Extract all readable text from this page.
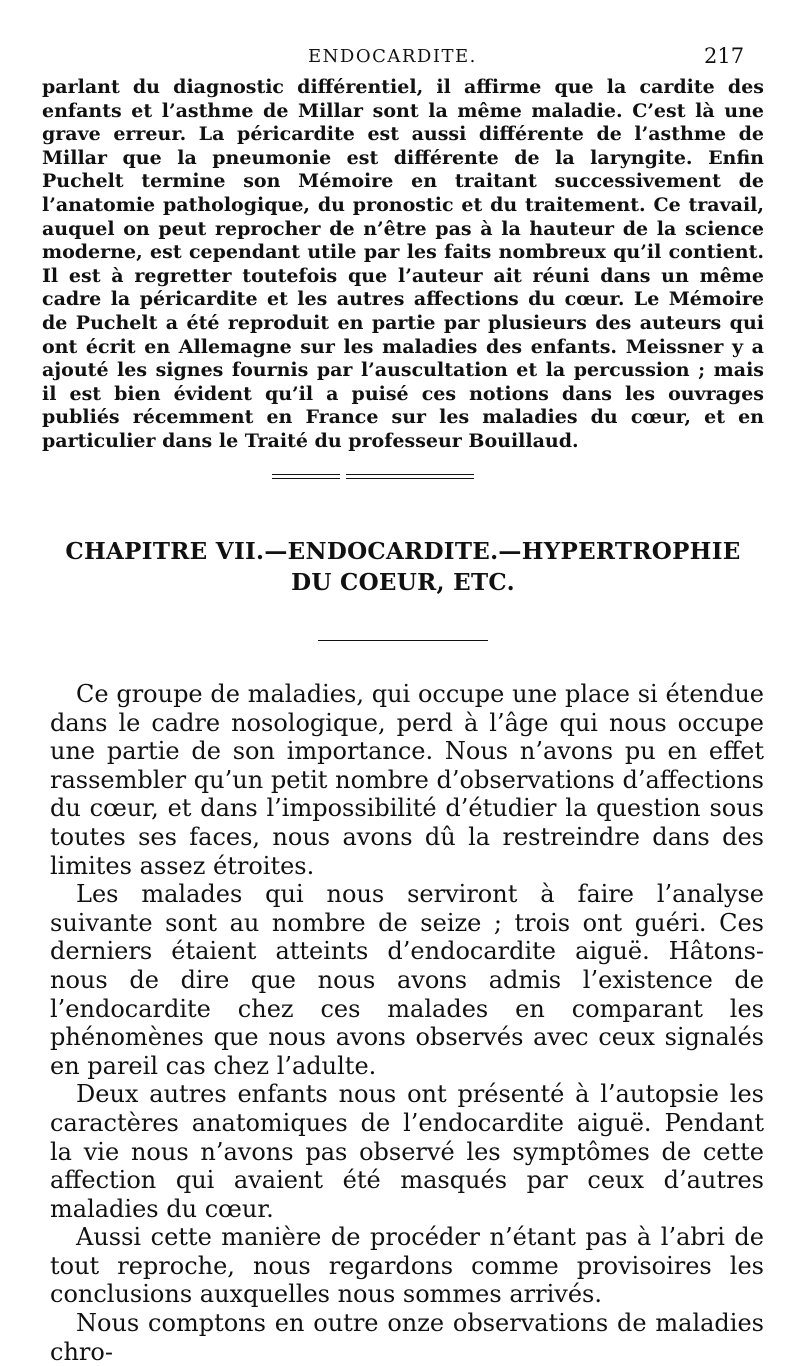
ENDOCARDITE.	217

parlant du diagnostic différentiel, il affirme que la cardite des enfants et l’asthme de Millar sont la même maladie. C’est là une grave erreur. La péricardite est aussi différente de l’asthme de Millar que la pneumonie est différente de la laryngite. Enfin Puchelt termine son Mémoire en traitant successivement de l’anatomie pathologique, du pronostic et du traitement. Ce travail, auquel on peut reprocher de n’être pas à la hauteur de la science moderne, est cependant utile par les faits nombreux qu’il contient. Il est à regretter toutefois que l’auteur ait réuni dans un même cadre la péricardite et les autres affections du cœur. Le Mémoire de Puchelt a été reproduit en partie par plusieurs des auteurs qui ont écrit en Allemagne sur les maladies des enfants. Meissner y a ajouté les signes fournis par l’auscultation et la percussion ; mais il est bien évident qu’il a puisé ces notions dans les ouvrages publiés récemment en France sur les maladies du cœur, et en particulier dans le Traité du professeur Bouillaud.

CHAPITRE VII.—ENDOCARDITE.—HYPERTROPHIE DU COEUR, ETC.

Ce groupe de maladies, qui occupe une place si étendue dans le cadre nosologique, perd à l’âge qui nous occupe une partie de son importance. Nous n’avons pu en effet rassembler qu’un petit nombre d’observations d’affections du cœur, et dans l’impossibilité d’étudier la question sous toutes ses faces, nous avons dû la restreindre dans des limites assez étroites.

Les malades qui nous serviront à faire l’analyse suivante sont au nombre de seize ; trois ont guéri. Ces derniers étaient atteints d’endocardite aiguë. Hâtons-nous de dire que nous avons admis l’existence de l’endocardite chez ces malades en comparant les phénomènes que nous avons observés avec ceux signalés en pareil cas chez l’adulte.

Deux autres enfants nous ont présenté à l’autopsie les caractères anatomiques de l’endocardite aiguë. Pendant la vie nous n’avons pas observé les symptômes de cette affection qui avaient été masqués par ceux d’autres maladies du cœur.

Aussi cette manière de procéder n’étant pas à l’abri de tout reproche, nous regardons comme provisoires les conclusions auxquelles nous sommes arrivés.

Nous comptons en outre onze observations de maladies chro-
